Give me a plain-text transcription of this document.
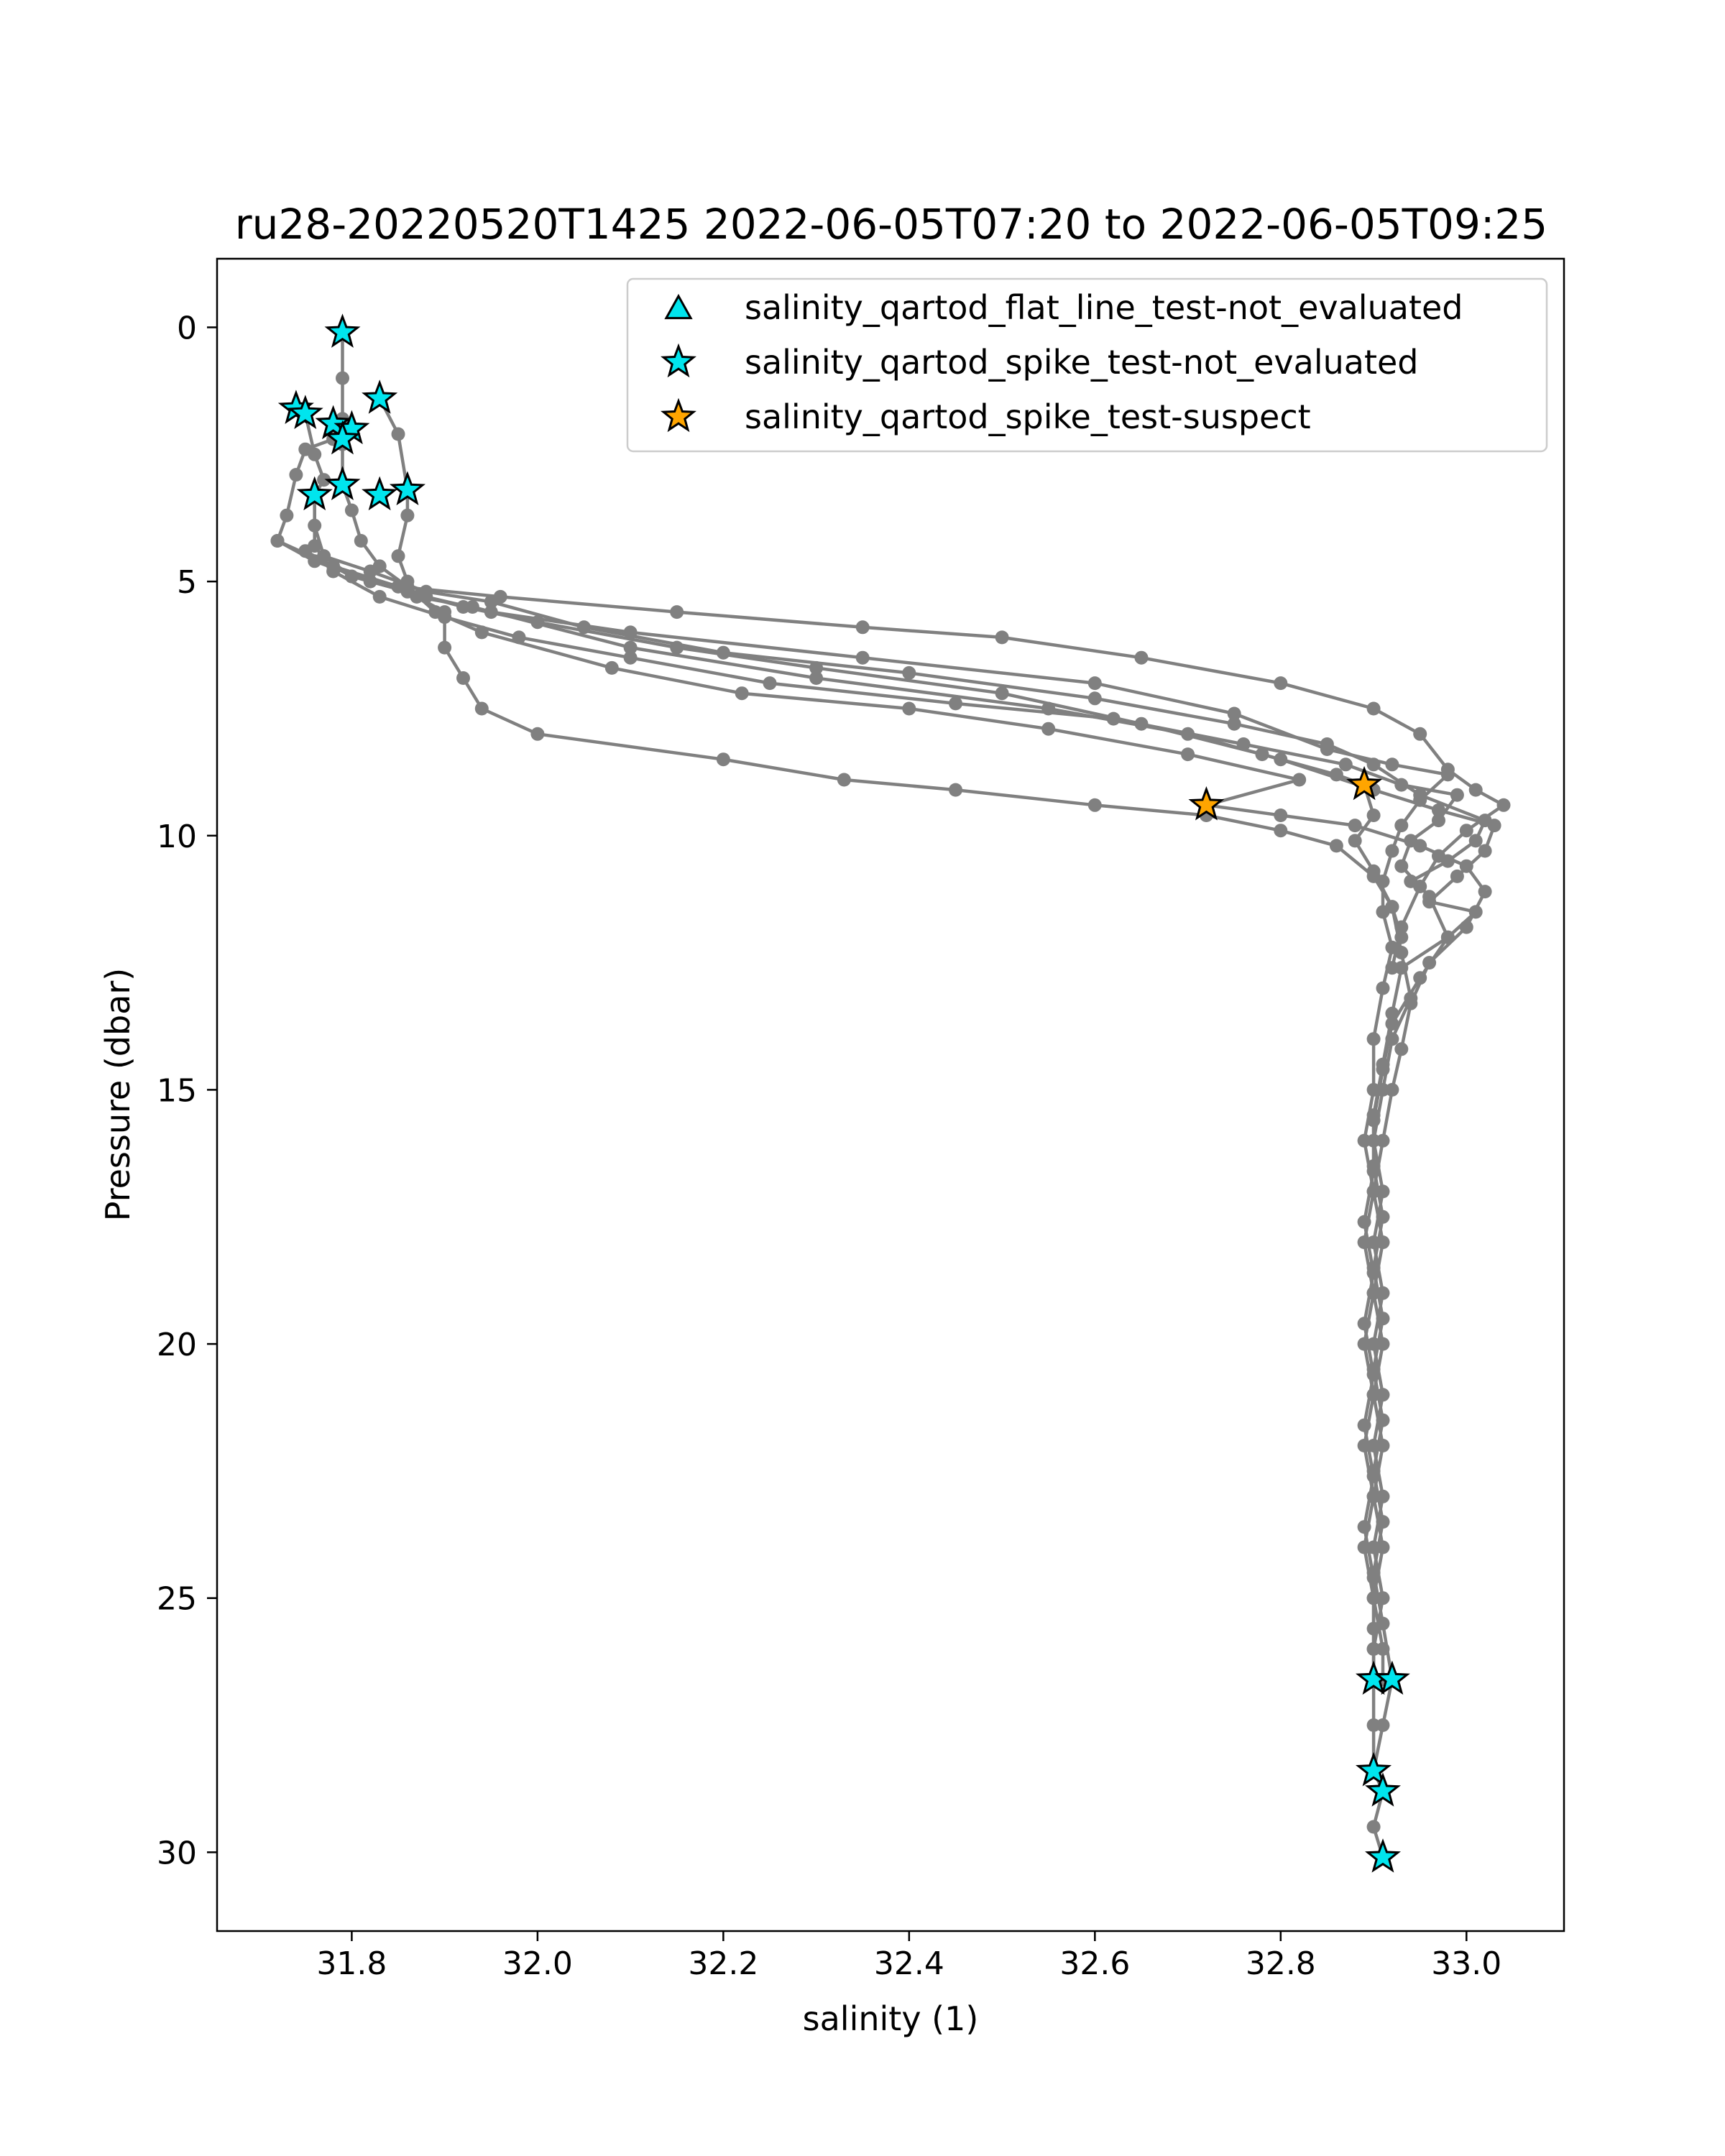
ru28-20220520T1425 2022-06-05T07:20 to 2022-06-05T09:25
31.8	32.0	32.2	32.4	32.6	32.8	33.0
0
5
10
15
20
25
30
salinity (1)
Pressure (dbar)
salinity_qartod_flat_line_test-not_evaluated
salinity_qartod_spike_test-not_evaluated
salinity_qartod_spike_test-suspect
